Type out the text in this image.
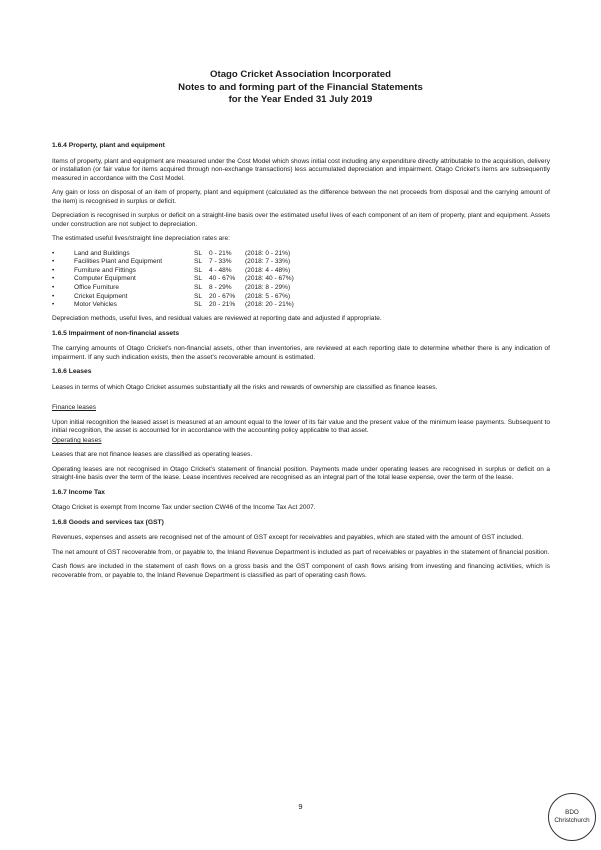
Otago Cricket Association Incorporated
Notes to and forming part of the Financial Statements
for the Year Ended 31 July 2019
1.6.4 Property, plant and equipment

Items of property, plant and equipment are measured under the Cost Model which shows initial cost including any expenditure directly attributable to the acquisition, delivery or installation (or fair value for items acquired through non-exchange transactions) less accumulated depreciation and impairment. Otago Cricket's items are subsequently measured in accordance with the Cost Model.

Any gain or loss on disposal of an item of property, plant and equipment (calculated as the difference between the net proceeds from disposal and the carrying amount of the item) is recognised in surplus or deficit.

Depreciation is recognised in surplus or deficit on a straight-line basis over the estimated useful lives of each component of an item of property, plant and equipment. Assets under construction are not subject to depreciation.

The estimated useful lives/straight line depreciation rates are:

•	Land and Buildings	SL	0 - 21%	(2018: 0 - 21%)
•	Facilities Plant and Equipment	SL	7 - 33%	(2018: 7 - 33%)
•	Furniture and Fittings	SL	4 - 48%	(2018: 4 - 48%)
•	Computer Equipment	SL	40 - 67%	(2018: 40 - 67%)
•	Office Furniture	SL	8 - 29%	(2018: 8 - 29%)
•	Cricket Equipment	SL	20 - 67%	(2018: 5 - 67%)
•	Motor Vehicles	SL	20 - 21%	(2018: 20 - 21%)

Depreciation methods, useful lives, and residual values are reviewed at reporting date and adjusted if appropriate.

1.6.5 Impairment of non-financial assets

The carrying amounts of Otago Cricket's non-financial assets, other than inventories, are reviewed at each reporting date to determine whether there is any indication of impairment. If any such indication exists, then the asset's recoverable amount is estimated.

1.6.6 Leases

Leases in terms of which Otago Cricket assumes substantially all the risks and rewards of ownership are classified as finance leases.

Finance leases

Upon initial recognition the leased asset is measured at an amount equal to the lower of its fair value and the present value of the minimum lease payments. Subsequent to initial recognition, the asset is accounted for in accordance with the accounting policy applicable to that asset.

Operating leases

Leases that are not finance leases are classified as operating leases.

Operating leases are not recognised in Otago Cricket's statement of financial position. Payments made under operating leases are recognised in surplus or deficit on a straight-line basis over the term of the lease. Lease incentives received are recognised as an integral part of the total lease expense, over the term of the lease.

1.6.7 Income Tax

Otago Cricket is exempt from Income Tax under section CW46 of the Income Tax Act 2007.

1.6.8 Goods and services tax (GST)

Revenues, expenses and assets are recognised net of the amount of GST except for receivables and payables, which are stated with the amount of GST included.

The net amount of GST recoverable from, or payable to, the Inland Revenue Department is included as part of receivables or payables in the statement of financial position.

Cash flows are included in the statement of cash flows on a gross basis and the GST component of cash flows arising from investing and financing activities, which is recoverable from, or payable to, the Inland Revenue Department is classified as part of operating cash flows.

9
BDO
Christchurch
